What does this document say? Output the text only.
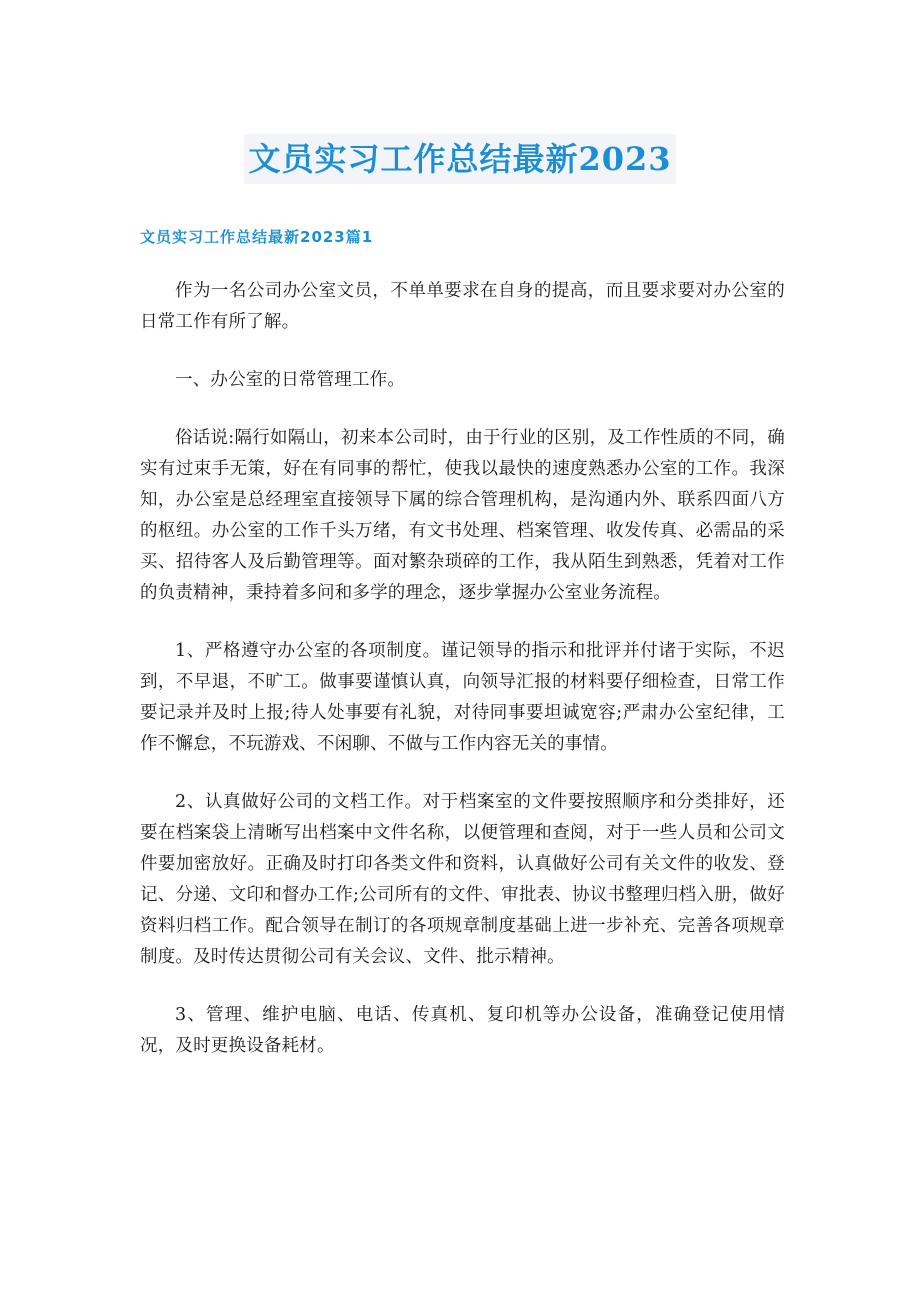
文员实习工作总结最新2023
文员实习工作总结最新2023篇1

作为一名公司办公室文员，不单单要求在自身的提高，而且要求要对办公室的日常工作有所了解。

一、办公室的日常管理工作。

俗话说:隔行如隔山，初来本公司时，由于行业的区别，及工作性质的不同，确实有过束手无策，好在有同事的帮忙，使我以最快的速度熟悉办公室的工作。我深知，办公室是总经理室直接领导下属的综合管理机构，是沟通内外、联系四面八方的枢纽。办公室的工作千头万绪，有文书处理、档案管理、收发传真、必需品的采买、招待客人及后勤管理等。面对繁杂琐碎的工作，我从陌生到熟悉，凭着对工作的负责精神，秉持着多问和多学的理念，逐步掌握办公室业务流程。

1、严格遵守办公室的各项制度。谨记领导的指示和批评并付诸于实际，不迟到，不早退，不旷工。做事要谨慎认真，向领导汇报的材料要仔细检查，日常工作要记录并及时上报;待人处事要有礼貌，对待同事要坦诚宽容;严肃办公室纪律，工作不懈怠，不玩游戏、不闲聊、不做与工作内容无关的事情。

2、认真做好公司的文档工作。对于档案室的文件要按照顺序和分类排好，还要在档案袋上清晰写出档案中文件名称，以便管理和查阅，对于一些人员和公司文件要加密放好。正确及时打印各类文件和资料，认真做好公司有关文件的收发、登记、分递、文印和督办工作;公司所有的文件、审批表、协议书整理归档入册，做好资料归档工作。配合领导在制订的各项规章制度基础上进一步补充、完善各项规章制度。及时传达贯彻公司有关会议、文件、批示精神。

3、管理、维护电脑、电话、传真机、复印机等办公设备，准确登记使用情况，及时更换设备耗材。
